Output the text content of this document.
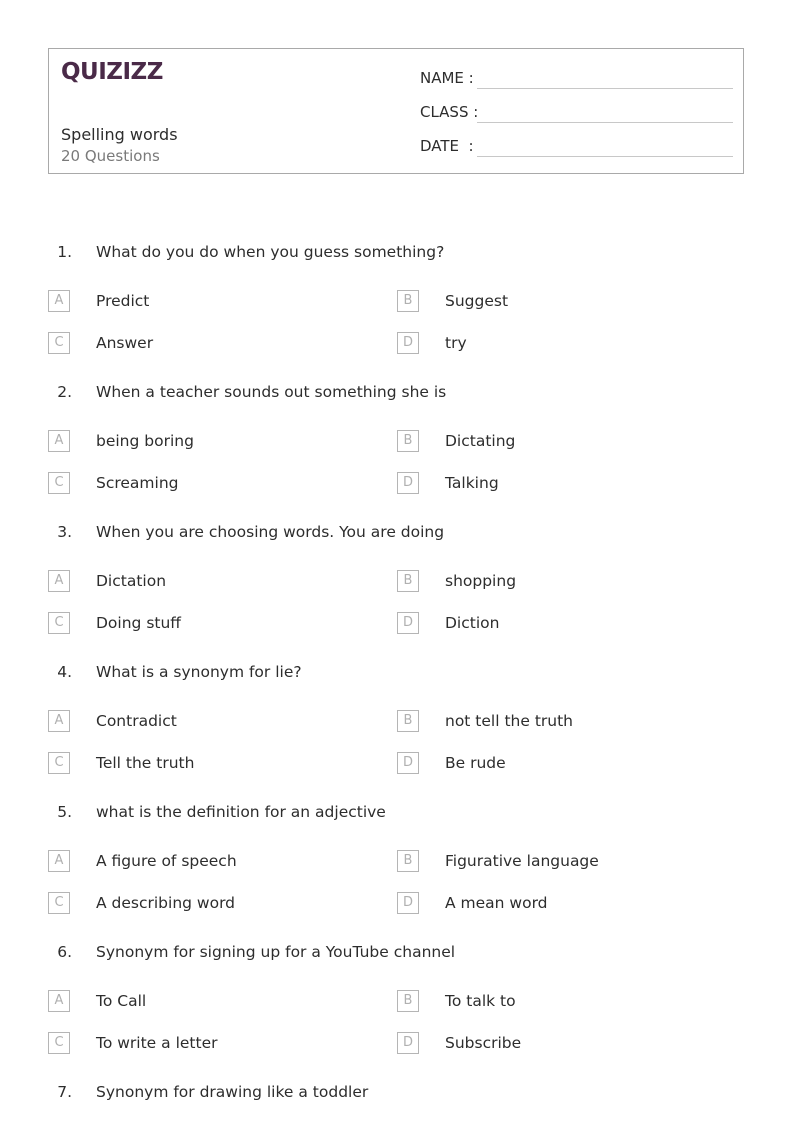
QUIZIZZ
Spelling words
20 Questions
NAME :
CLASS :
DATE  :
1. What do you do when you guess something?
A	Predict	B	Suggest
C	Answer	D	try
2. When a teacher sounds out something she is
A	being boring	B	Dictating
C	Screaming	D	Talking
3. When you are choosing words. You are doing
A	Dictation	B	shopping
C	Doing stuff	D	Diction
4. What is a synonym for lie?
A	Contradict	B	not tell the truth
C	Tell the truth	D	Be rude
5. what is the definition for an adjective
A	A figure of speech	B	Figurative language
C	A describing word	D	A mean word
6. Synonym for signing up for a YouTube channel
A	To Call	B	To talk to
C	To write a letter	D	Subscribe
7. Synonym for drawing like a toddler
